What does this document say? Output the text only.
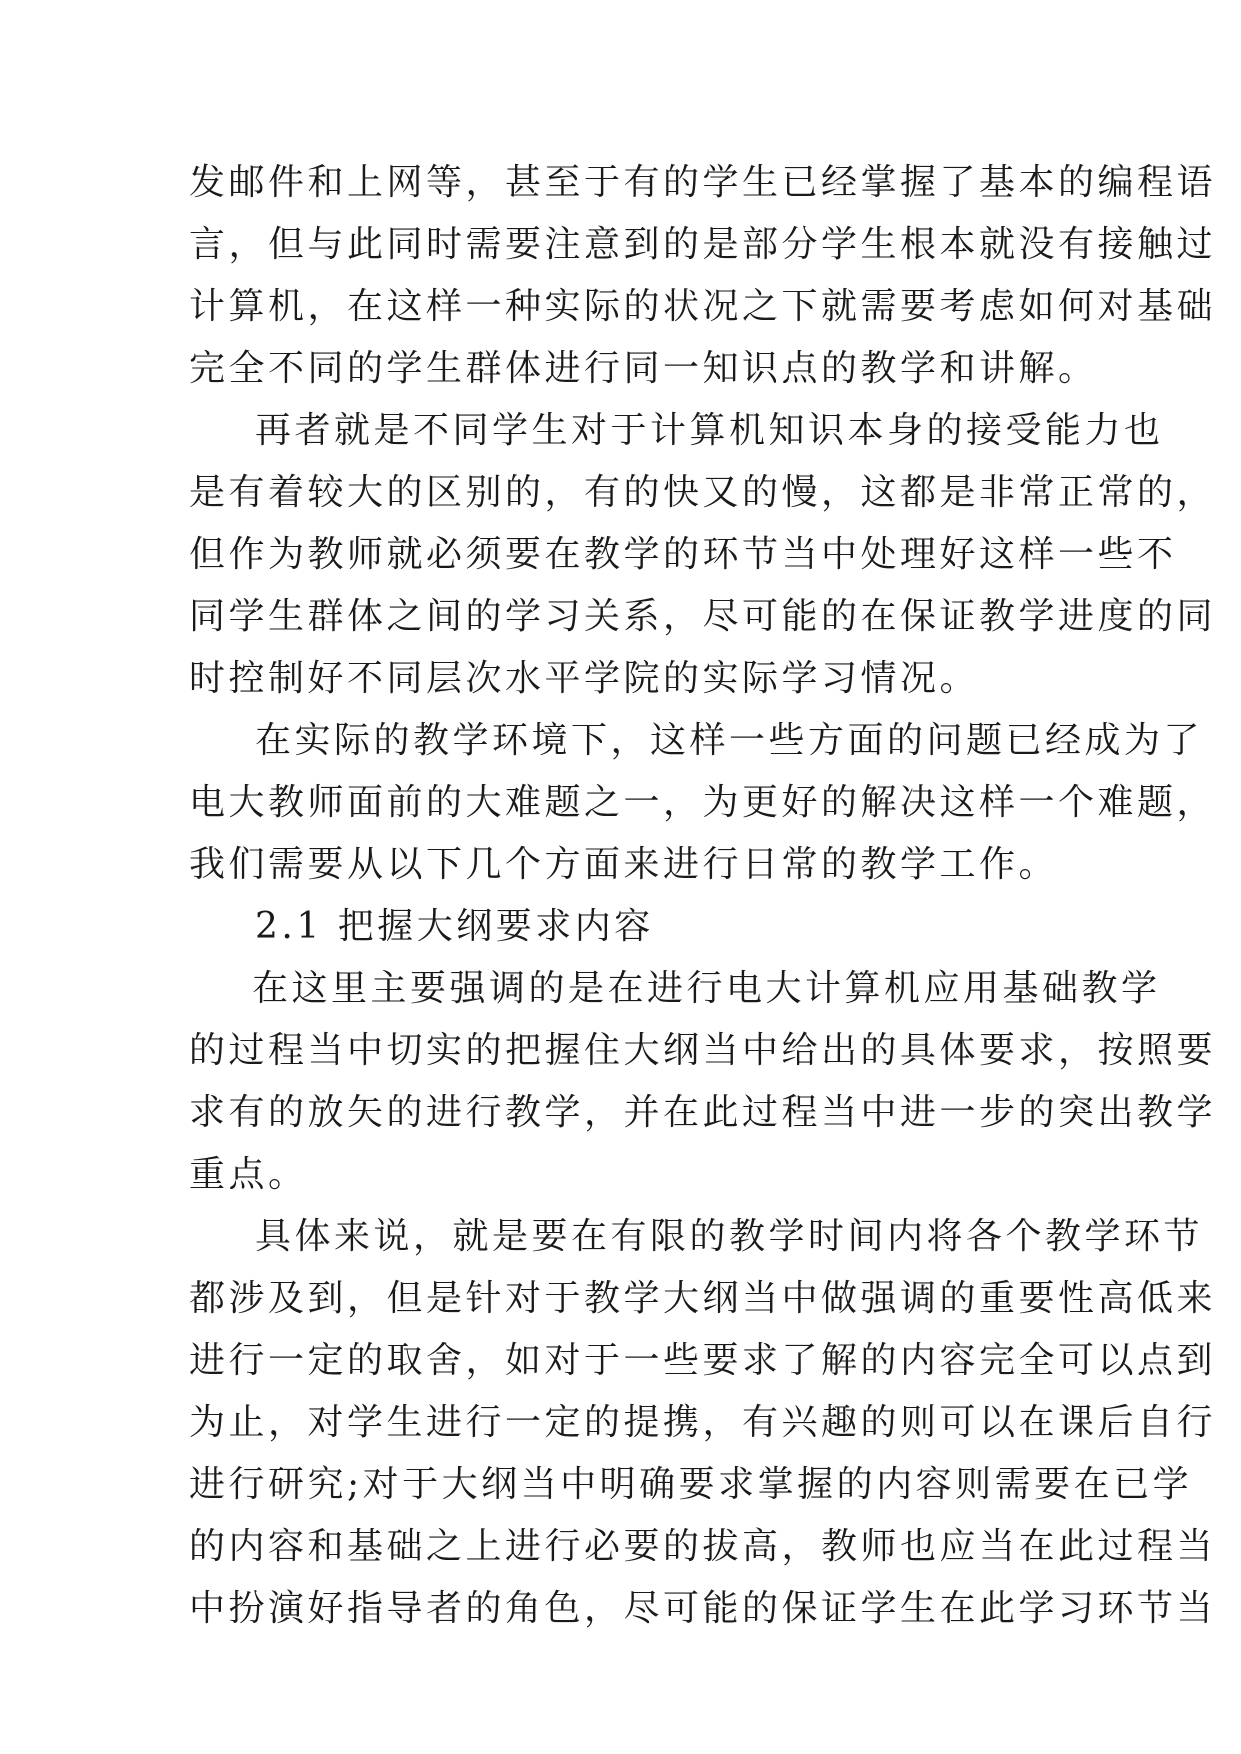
发邮件和上网等，甚至于有的学生已经掌握了基本的编程语
言，但与此同时需要注意到的是部分学生根本就没有接触过
计算机，在这样一种实际的状况之下就需要考虑如何对基础
完全不同的学生群体进行同一知识点的教学和讲解。
再者就是不同学生对于计算机知识本身的接受能力也
是有着较大的区别的，有的快又的慢，这都是非常正常的，
但作为教师就必须要在教学的环节当中处理好这样一些不
同学生群体之间的学习关系，尽可能的在保证教学进度的同
时控制好不同层次水平学院的实际学习情况。
在实际的教学环境下，这样一些方面的问题已经成为了
电大教师面前的大难题之一，为更好的解决这样一个难题，
我们需要从以下几个方面来进行日常的教学工作。
2.1 把握大纲要求内容
在这里主要强调的是在进行电大计算机应用基础教学
的过程当中切实的把握住大纲当中给出的具体要求，按照要
求有的放矢的进行教学，并在此过程当中进一步的突出教学
重点。
具体来说，就是要在有限的教学时间内将各个教学环节
都涉及到，但是针对于教学大纲当中做强调的重要性高低来
进行一定的取舍，如对于一些要求了解的内容完全可以点到
为止，对学生进行一定的提携，有兴趣的则可以在课后自行
进行研究;对于大纲当中明确要求掌握的内容则需要在已学
的内容和基础之上进行必要的拔高，教师也应当在此过程当
中扮演好指导者的角色，尽可能的保证学生在此学习环节当
